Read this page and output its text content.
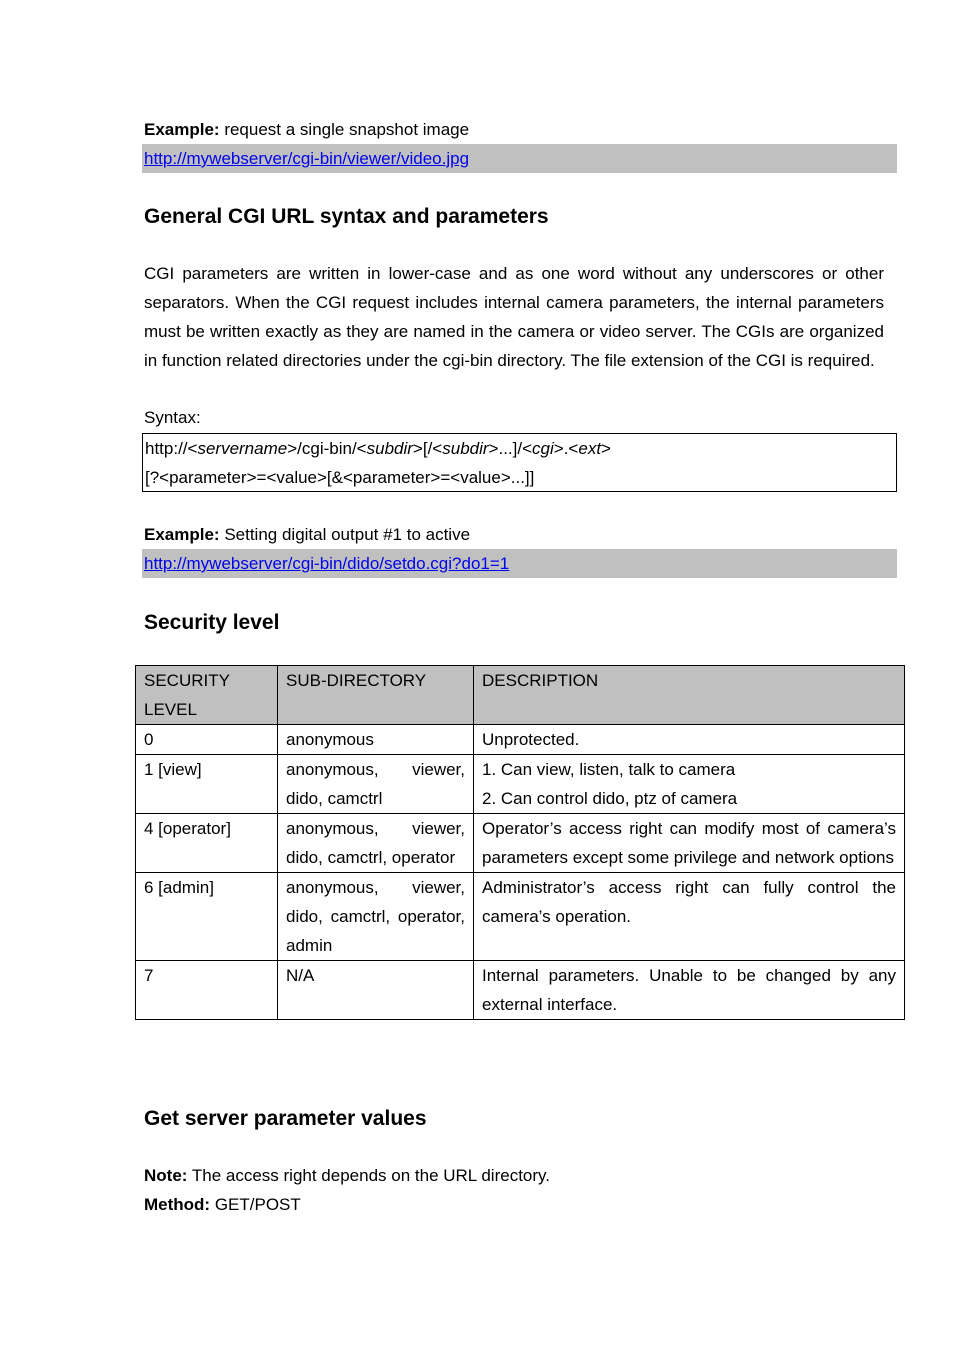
Example: request a single snapshot image
http://mywebserver/cgi-bin/viewer/video.jpg
General CGI URL syntax and parameters
CGI parameters are written in lower-case and as one word without any underscores or other separators. When the CGI request includes internal camera parameters, the internal parameters must be written exactly as they are named in the camera or video server. The CGIs are organized in function related directories under the cgi-bin directory. The file extension of the CGI is required.
Syntax:
http://<servername>/cgi-bin/<subdir>[/<subdir>...]/<cgi>.<ext>
[?<parameter>=<value>[&<parameter>=<value>...]]
Example: Setting digital output #1 to active
http://mywebserver/cgi-bin/dido/setdo.cgi?do1=1
Security level
SECURITY LEVEL	SUB-DIRECTORY	DESCRIPTION
0	anonymous	Unprotected.
1 [view]	anonymous, viewer, dido, camctrl	1. Can view, listen, talk to camera
2. Can control dido, ptz of camera

4 [operator]	anonymous, viewer, dido, camctrl, operator	Operator’s access right can modify most of camera’s parameters except some privilege and network options
6 [admin]	anonymous, viewer, dido, camctrl, operator, admin	Administrator’s access right can fully control the camera’s operation.
7	N/A	Internal parameters. Unable to be changed by any external interface.
Get server parameter values
Note: The access right depends on the URL directory.
Method: GET/POST
